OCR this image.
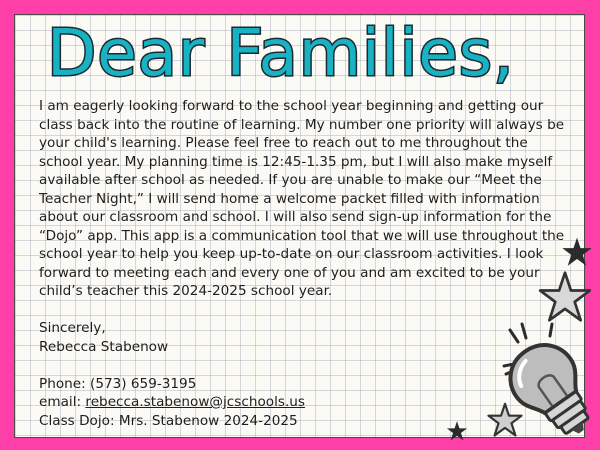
Dear Families,

I am eagerly looking forward to the school year beginning and getting our class back into the routine of learning. My number one priority will always be your child's learning. Please feel free to reach out to me throughout the school year. My planning time is 12:45-1.35 pm, but I will also make myself available after school as needed. If you are unable to make our “Meet the Teacher Night,” I will send home a welcome packet filled with information about our classroom and school. I will also send sign-up information for the “Dojo” app. This app is a communication tool that we will use throughout the school year to help you keep up-to-date on our classroom activities. I look forward to meeting each and every one of you and am excited to be your child’s teacher this 2024-2025 school year.

Sincerely,

Rebecca Stabenow

Phone: (573) 659-3195

email: rebecca.stabenow@jcschools.us

Class Dojo: Mrs. Stabenow 2024-2025
